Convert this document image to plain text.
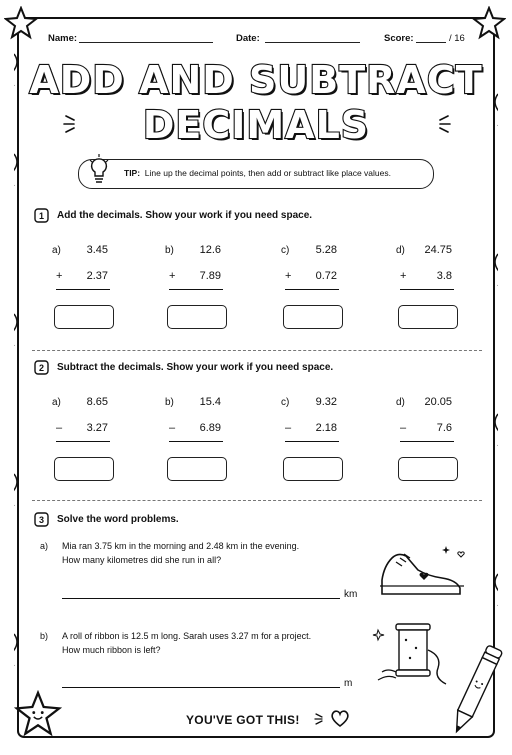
Name:	Date:	Score:	/ 16
ADD AND SUBTRACT
DECIMALS
TIP: Line up the decimal points, then add or subtract like place values.
1 Add the decimals. Show your work if you need space.
a)	3.45
+	2.37
b)	12.6
+	7.89
c)	5.28
+	0.72
d)	24.75
+	3.8
2 Subtract the decimals. Show your work if you need space.
a)	8.65
–	3.27
b)	15.4
–	6.89
c)	9.32
–	2.18
d)	20.05
–	7.6
3 Solve the word problems.
a) Mia ran 3.75 km in the morning and 2.48 km in the evening.
How many kilometres did she run in all?
km
b) A roll of ribbon is 12.5 m long. Sarah uses 3.27 m for a project.
How much ribbon is left?
m
YOU'VE GOT THIS!
